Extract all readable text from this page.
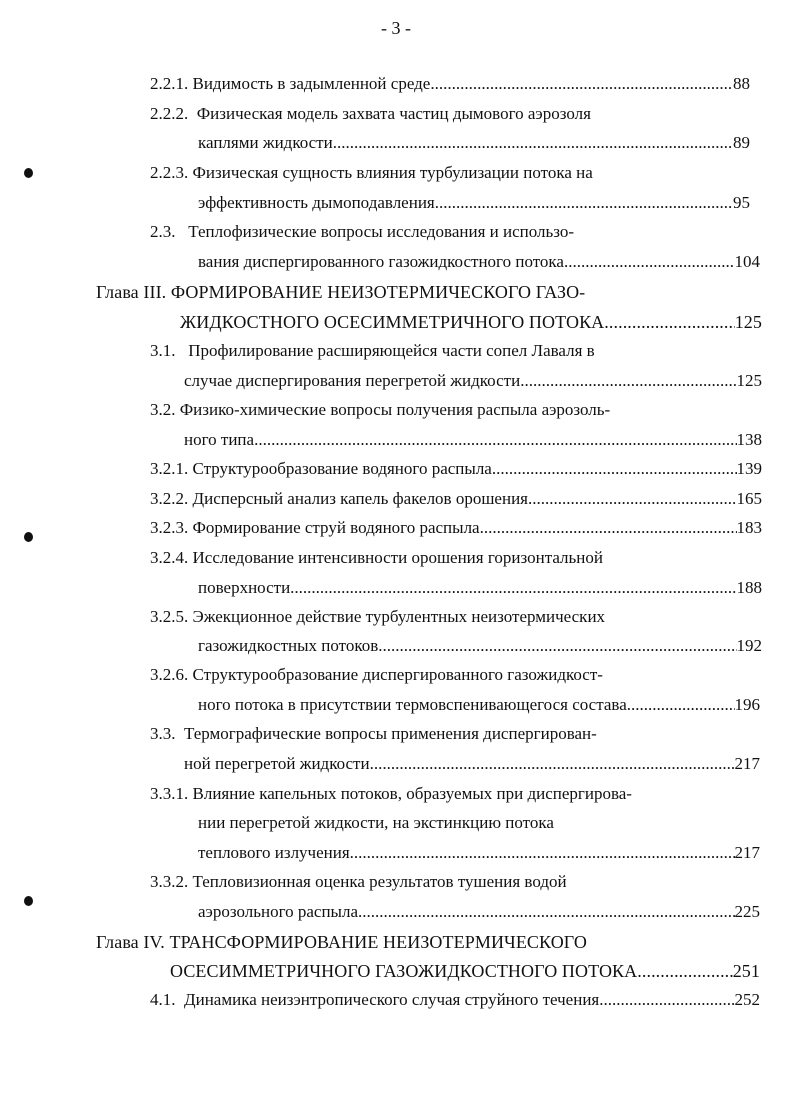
- 3 -
2.2.1. Видимость в задымленной среде .....	88
2.2.2. Физическая модель захвата частиц дымового аэрозоля
каплями жидкости .....	89
2.2.3. Физическая сущность влияния турбулизации потока на
эффективность дымоподавления .....	95
2.3. Теплофизические вопросы исследования и использо-
вания диспергированного газожидкостного потока .....	104
Глава III. ФОРМИРОВАНИЕ НЕИЗОТЕРМИЧЕСКОГО ГАЗО-
ЖИДКОСТНОГО ОСЕСИММЕТРИЧНОГО ПОТОКА .....	125
3.1. Профилирование расширяющейся части сопел Лаваля в
случае диспергирования перегретой жидкости .....	125
3.2. Физико-химические вопросы получения распыла аэрозоль-
ного типа .....	138
3.2.1. Структурообразование водяного распыла .....	139
3.2.2. Дисперсный анализ капель факелов орошения .....	165
3.2.3. Формирование струй водяного распыла .....	183
3.2.4. Исследование интенсивности орошения горизонтальной
поверхности .....	188
3.2.5. Эжекционное действие турбулентных неизотермических
газожидкостных потоков .....	192
3.2.6. Структурообразование диспергированного газожидкост-
ного потока в присутствии термовспенивающегося состава .....	196
3.3. Термографические вопросы применения диспергирован-
ной перегретой жидкости .....	217
3.3.1. Влияние капельных потоков, образуемых при диспергирова-
нии перегретой жидкости, на экстинкцию потока
теплового излучения .....	217
3.3.2. Тепловизионная оценка результатов тушения водой
аэрозольного распыла .....	225
Глава IV. ТРАНСФОРМИРОВАНИЕ НЕИЗОТЕРМИЧЕСКОГО
ОСЕСИММЕТРИЧНОГО ГАЗОЖИДКОСТНОГО ПОТОКА .....	251
4.1. Динамика неизэнтропического случая струйного течения .....	252
